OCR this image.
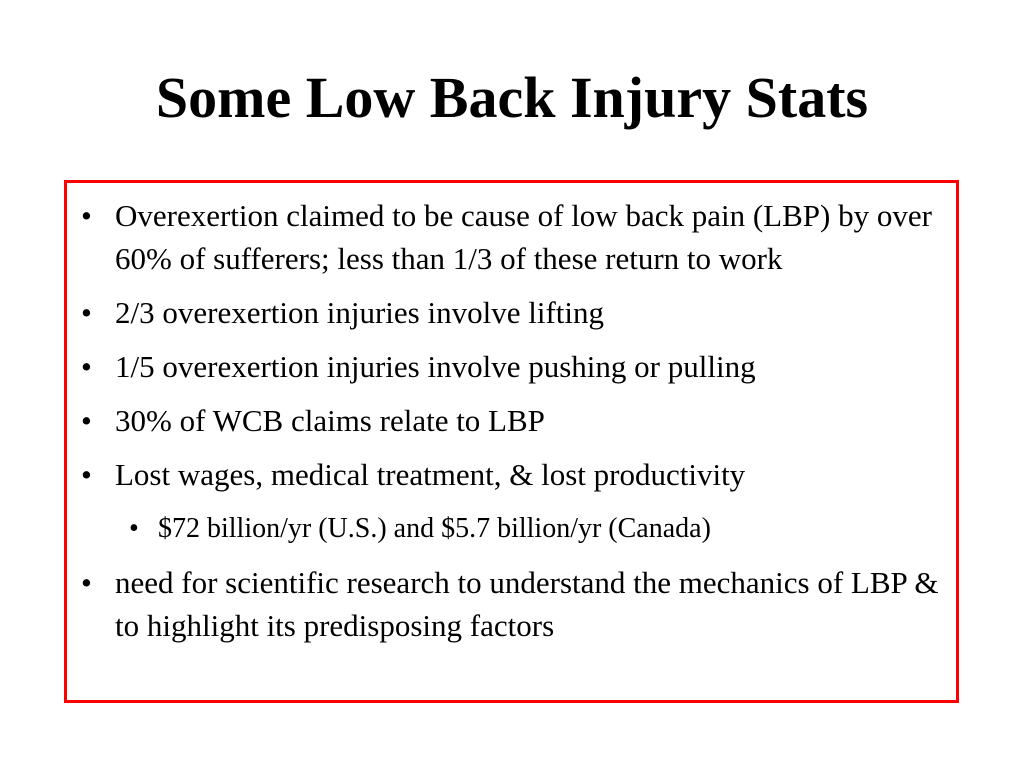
Some Low Back Injury Stats
• Overexertion claimed to be cause of low back pain (LBP) by over 60% of sufferers; less than 1/3 of these return to work
• 2/3 overexertion injuries involve lifting
• 1/5 overexertion injuries involve pushing or pulling
• 30% of WCB claims relate to LBP
• Lost wages, medical treatment, & lost productivity
• $72 billion/yr (U.S.) and $5.7 billion/yr (Canada)
• need for scientific research to understand the mechanics of LBP & to highlight its predisposing factors
